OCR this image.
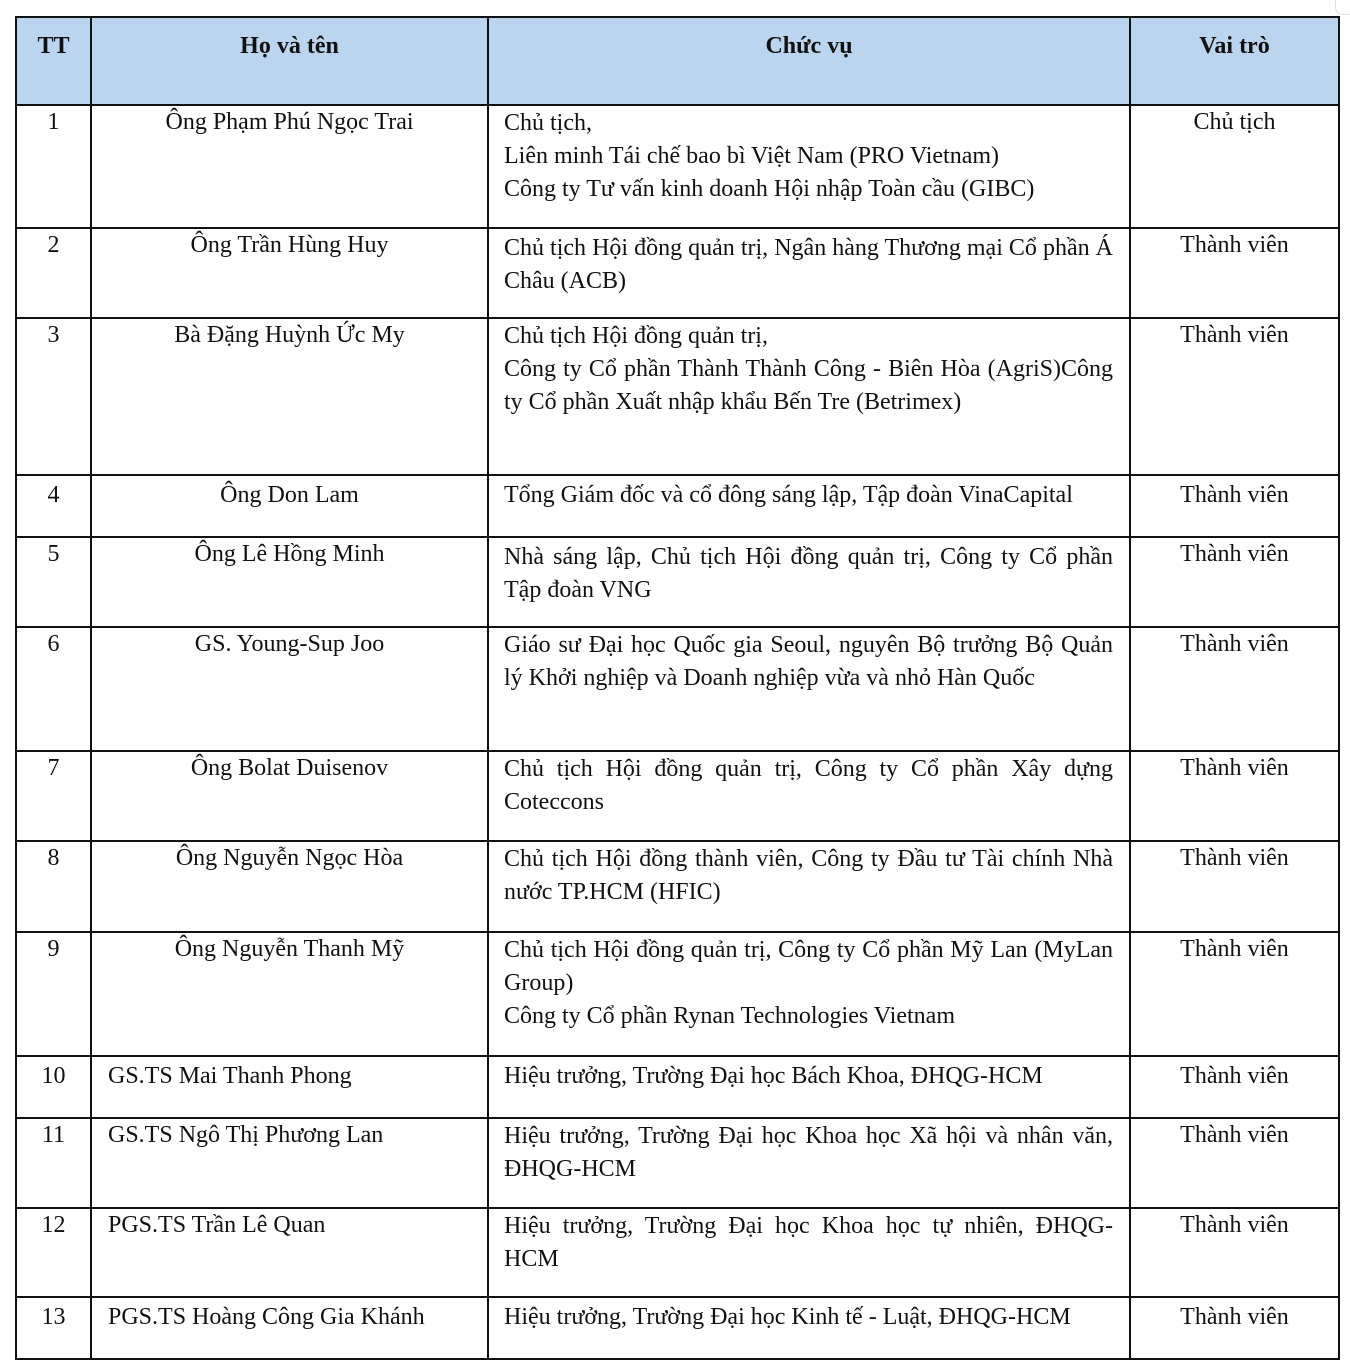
TT	Họ và tên	Chức vụ	Vai trò
1	Ông Phạm Phú Ngọc Trai	Chủ tịch,
Liên minh Tái chế bao bì Việt Nam (PRO Vietnam)
Công ty Tư vấn kinh doanh Hội nhập Toàn cầu (GIBC)	Chủ tịch
2	Ông Trần Hùng Huy	Chủ tịch Hội đồng quản trị, Ngân hàng Thương mại Cổ phần Á Châu (ACB)	Thành viên
3	Bà Đặng Huỳnh Ức My	Chủ tịch Hội đồng quản trị,
Công ty Cổ phần Thành Thành Công - Biên Hòa (AgriS)Công ty Cổ phần Xuất nhập khẩu Bến Tre (Betrimex)	Thành viên
4	Ông Don Lam	Tổng Giám đốc và cổ đông sáng lập, Tập đoàn VinaCapital	Thành viên
5	Ông Lê Hồng Minh	Nhà sáng lập, Chủ tịch Hội đồng quản trị, Công ty Cổ phần Tập đoàn VNG	Thành viên
6	GS. Young-Sup Joo	Giáo sư Đại học Quốc gia Seoul, nguyên Bộ trưởng Bộ Quản lý Khởi nghiệp và Doanh nghiệp vừa và nhỏ Hàn Quốc	Thành viên
7	Ông Bolat Duisenov	Chủ tịch Hội đồng quản trị, Công ty Cổ phần Xây dựng Coteccons	Thành viên
8	Ông Nguyễn Ngọc Hòa	Chủ tịch Hội đồng thành viên, Công ty Đầu tư Tài chính Nhà nước TP.HCM (HFIC)	Thành viên
9	Ông Nguyễn Thanh Mỹ	Chủ tịch Hội đồng quản trị, Công ty Cổ phần Mỹ Lan (MyLan Group)
Công ty Cổ phần Rynan Technologies Vietnam	Thành viên
10	GS.TS Mai Thanh Phong	Hiệu trưởng, Trường Đại học Bách Khoa, ĐHQG-HCM	Thành viên
11	GS.TS Ngô Thị Phương Lan	Hiệu trưởng, Trường Đại học Khoa học Xã hội và nhân văn, ĐHQG-HCM	Thành viên
12	PGS.TS Trần Lê Quan	Hiệu trưởng, Trường Đại học Khoa học tự nhiên, ĐHQG-HCM	Thành viên
13	PGS.TS Hoàng Công Gia Khánh	Hiệu trưởng, Trường Đại học Kinh tế - Luật, ĐHQG-HCM	Thành viên
